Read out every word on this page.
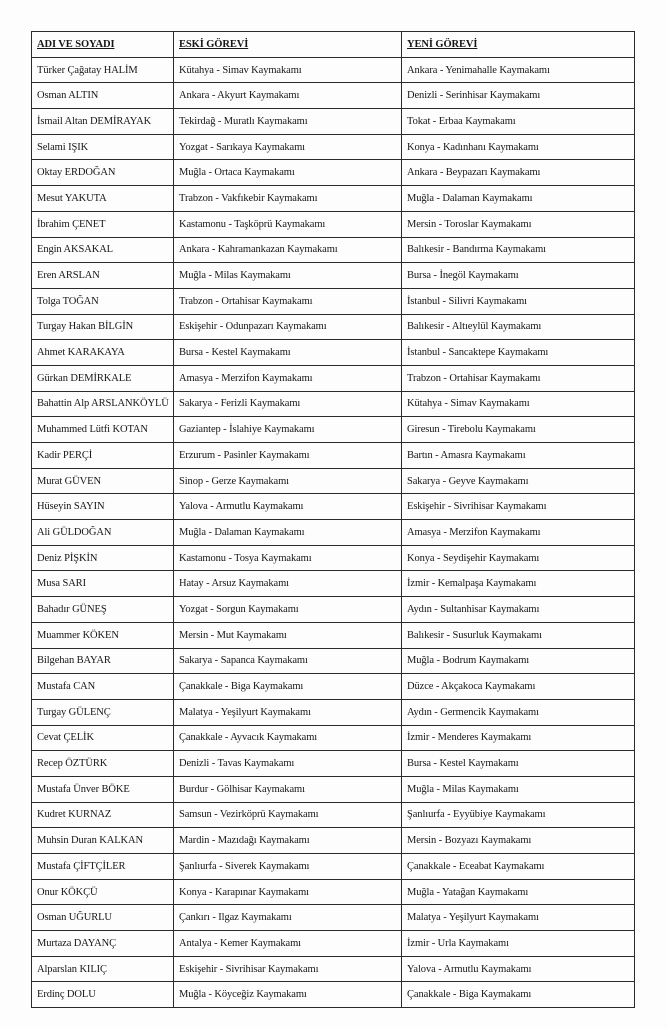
ADI VE SOYADI	ESKİ GÖREVİ	YENİ GÖREVİ
Türker Çağatay HALİM	Kütahya - Simav Kaymakamı	Ankara - Yenimahalle Kaymakamı
Osman ALTIN	Ankara - Akyurt Kaymakamı	Denizli - Serinhisar Kaymakamı
İsmail Altan DEMİRAYAK	Tekirdağ - Muratlı Kaymakamı	Tokat - Erbaa Kaymakamı
Selami IŞIK	Yozgat - Sarıkaya Kaymakamı	Konya - Kadınhanı Kaymakamı
Oktay ERDOĞAN	Muğla - Ortaca Kaymakamı	Ankara - Beypazarı Kaymakamı
Mesut YAKUTA	Trabzon - Vakfıkebir Kaymakamı	Muğla - Dalaman Kaymakamı
İbrahim ÇENET	Kastamonu - Taşköprü Kaymakamı	Mersin - Toroslar Kaymakamı
Engin AKSAKAL	Ankara - Kahramankazan Kaymakamı	Balıkesir - Bandırma Kaymakamı
Eren ARSLAN	Muğla - Milas Kaymakamı	Bursa - İnegöl Kaymakamı
Tolga TOĞAN	Trabzon - Ortahisar Kaymakamı	İstanbul - Silivri Kaymakamı
Turgay Hakan BİLGİN	Eskişehir - Odunpazarı Kaymakamı	Balıkesir - Altıeylül Kaymakamı
Ahmet KARAKAYA	Bursa - Kestel Kaymakamı	İstanbul - Sancaktepe Kaymakamı
Gürkan DEMİRKALE	Amasya - Merzifon Kaymakamı	Trabzon - Ortahisar Kaymakamı
Bahattin Alp ARSLANKÖYLÜ	Sakarya - Ferizli Kaymakamı	Kütahya - Simav Kaymakamı
Muhammed Lütfi KOTAN	Gaziantep - İslahiye Kaymakamı	Giresun - Tirebolu Kaymakamı
Kadir PERÇİ	Erzurum - Pasinler Kaymakamı	Bartın - Amasra Kaymakamı
Murat GÜVEN	Sinop - Gerze Kaymakamı	Sakarya - Geyve Kaymakamı
Hüseyin SAYIN	Yalova - Armutlu Kaymakamı	Eskişehir - Sivrihisar Kaymakamı
Ali GÜLDOĞAN	Muğla - Dalaman Kaymakamı	Amasya - Merzifon Kaymakamı
Deniz PİŞKİN	Kastamonu - Tosya Kaymakamı	Konya - Seydişehir Kaymakamı
Musa SARI	Hatay - Arsuz Kaymakamı	İzmir - Kemalpaşa Kaymakamı
Bahadır GÜNEŞ	Yozgat - Sorgun Kaymakamı	Aydın - Sultanhisar Kaymakamı
Muammer KÖKEN	Mersin - Mut Kaymakamı	Balıkesir - Susurluk Kaymakamı
Bilgehan BAYAR	Sakarya - Sapanca Kaymakamı	Muğla - Bodrum Kaymakamı
Mustafa CAN	Çanakkale - Biga Kaymakamı	Düzce - Akçakoca Kaymakamı
Turgay GÜLENÇ	Malatya - Yeşilyurt Kaymakamı	Aydın - Germencik Kaymakamı
Cevat ÇELİK	Çanakkale - Ayvacık Kaymakamı	İzmir - Menderes Kaymakamı
Recep ÖZTÜRK	Denizli - Tavas Kaymakamı	Bursa - Kestel Kaymakamı
Mustafa Ünver BÖKE	Burdur - Gölhisar Kaymakamı	Muğla - Milas Kaymakamı
Kudret KURNAZ	Samsun - Vezirköprü Kaymakamı	Şanlıurfa - Eyyübiye Kaymakamı
Muhsin Duran KALKAN	Mardin - Mazıdağı Kaymakamı	Mersin - Bozyazı Kaymakamı
Mustafa ÇİFTÇİLER	Şanlıurfa - Siverek Kaymakamı	Çanakkale - Eceabat Kaymakamı
Onur KÖKÇÜ	Konya - Karapınar Kaymakamı	Muğla - Yatağan Kaymakamı
Osman UĞURLU	Çankırı - Ilgaz Kaymakamı	Malatya - Yeşilyurt Kaymakamı
Murtaza DAYANÇ	Antalya - Kemer Kaymakamı	İzmir - Urla Kaymakamı
Alparslan KILIÇ	Eskişehir - Sivrihisar Kaymakamı	Yalova - Armutlu Kaymakamı
Erdinç DOLU	Muğla - Köyceğiz Kaymakamı	Çanakkale - Biga Kaymakamı
